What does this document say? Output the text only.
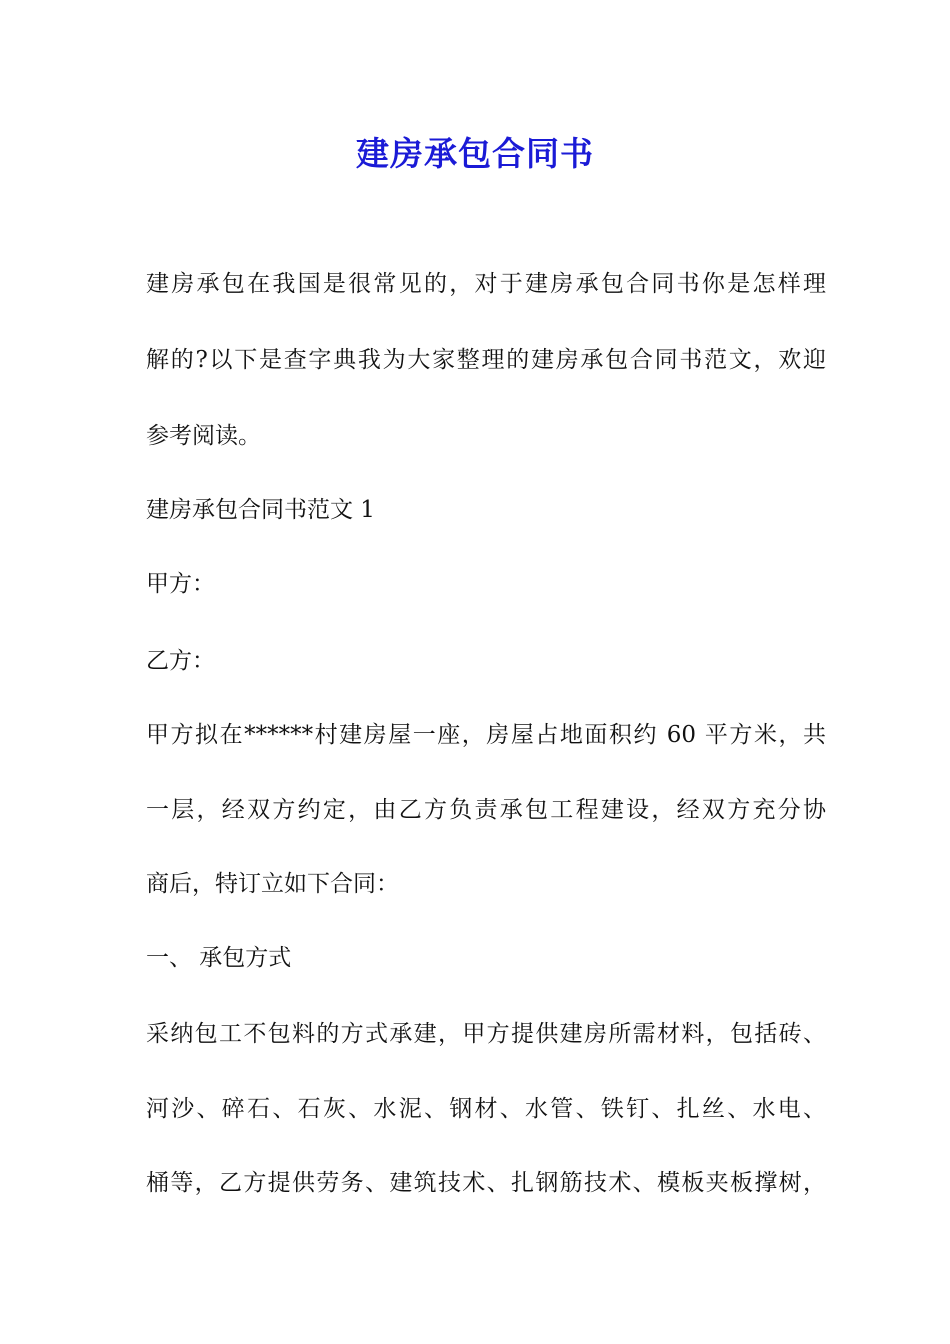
建房承包合同书

建房承包在我国是很常见的，对于建房承包合同书你是怎样理

解的?以下是查字典我为大家整理的建房承包合同书范文，欢迎

参考阅读。

建房承包合同书范文 1

甲方：

乙方：

甲方拟在******村建房屋一座，房屋占地面积约 60 平方米，共

一层，经双方约定，由乙方负责承包工程建设，经双方充分协

商后，特订立如下合同：

一、 承包方式

采纳包工不包料的方式承建，甲方提供建房所需材料，包括砖、

河沙、碎石、石灰、水泥、钢材、水管、铁钉、扎丝、水电、

桶等，乙方提供劳务、建筑技术、扎钢筋技术、模板夹板撑树，
